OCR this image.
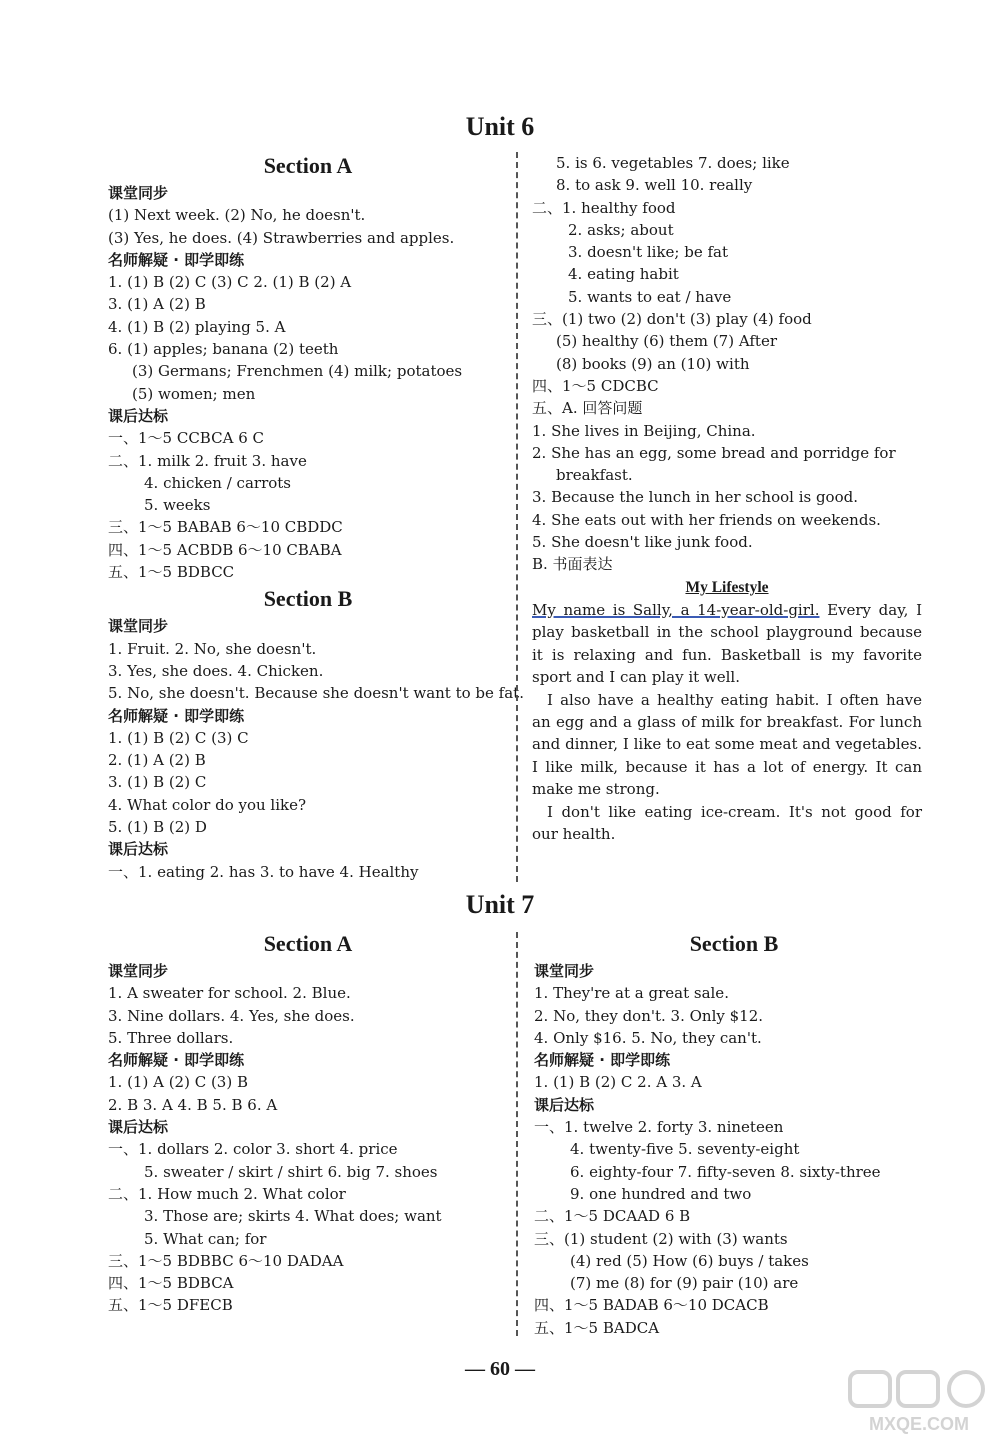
Unit 6
Section A
课堂同步
(1) Next week. (2) No, he doesn't.
(3) Yes, he does. (4) Strawberries and apples.
名师解疑 · 即学即练
1. (1) B (2) C (3) C 2. (1) B (2) A
3. (1) A (2) B
4. (1) B (2) playing 5. A
6. (1) apples; banana (2) teeth
(3) Germans; Frenchmen (4) milk; potatoes
(5) women; men
课后达标
一、1～5 CCBCA 6 C
二、1. milk 2. fruit 3. have
4. chicken / carrots
5. weeks
三、1～5 BABAB 6～10 CBDDC
四、1～5 ACBDB 6～10 CBABA
五、1～5 BDBCC
Section B
课堂同步
1. Fruit. 2. No, she doesn't.
3. Yes, she does. 4. Chicken.
5. No, she doesn't. Because she doesn't want to be fat.
名师解疑 · 即学即练
1. (1) B (2) C (3) C
2. (1) A (2) B
3. (1) B (2) C
4. What color do you like?
5. (1) B (2) D
课后达标
一、1. eating 2. has 3. to have 4. Healthy
5. is 6. vegetables 7. does; like
8. to ask 9. well 10. really
二、1. healthy food
2. asks; about
3. doesn't like; be fat
4. eating habit
5. wants to eat / have
三、(1) two (2) don't (3) play (4) food
(5) healthy (6) them (7) After
(8) books (9) an (10) with
四、1～5 CDCBC
五、A. 回答问题
1. She lives in Beijing, China.
2. She has an egg, some bread and porridge for
breakfast.
3. Because the lunch in her school is good.
4. She eats out with her friends on weekends.
5. She doesn't like junk food.
B. 书面表达
My Lifestyle

My name is Sally, a 14-year-old-girl. Every day, I play basketball in the school playground because it is relaxing and fun. Basketball is my favorite sport and I can play it well.

I also have a healthy eating habit. I often have an egg and a glass of milk for breakfast. For lunch and dinner, I like to eat some meat and vegetables. I like milk, because it has a lot of energy. It can make me strong.

I don't like eating ice-cream. It's not good for our health.

Unit 7
Section A
课堂同步
1. A sweater for school. 2. Blue.
3. Nine dollars. 4. Yes, she does.
5. Three dollars.
名师解疑 · 即学即练
1. (1) A (2) C (3) B
2. B 3. A 4. B 5. B 6. A
课后达标
一、1. dollars 2. color 3. short 4. price
5. sweater / skirt / shirt 6. big 7. shoes
二、1. How much 2. What color
3. Those are; skirts 4. What does; want
5. What can; for
三、1～5 BDBBC 6～10 DADAA
四、1～5 BDBCA
五、1～5 DFECB
Section B
课堂同步
1. They're at a great sale.
2. No, they don't. 3. Only $12.
4. Only $16. 5. No, they can't.
名师解疑 · 即学即练
1. (1) B (2) C 2. A 3. A
课后达标
一、1. twelve 2. forty 3. nineteen
4. twenty-five 5. seventy-eight
6. eighty-four 7. fifty-seven 8. sixty-three
9. one hundred and two
二、1～5 DCAAD 6 B
三、(1) student (2) with (3) wants
(4) red (5) How (6) buys / takes
(7) me (8) for (9) pair (10) are
四、1～5 BADAB 6～10 DCACB
五、1～5 BADCA
— 60 —
MXQE.COM
